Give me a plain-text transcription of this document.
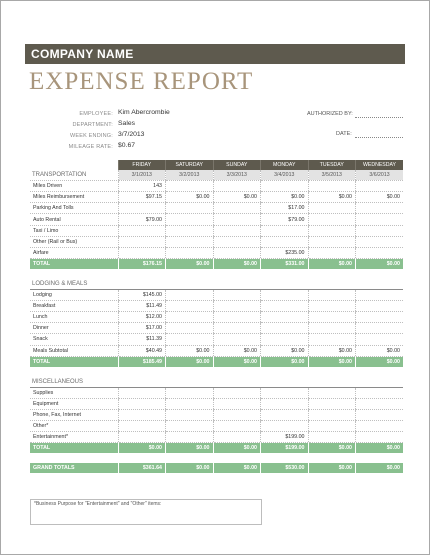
COMPANY NAME
EXPENSE REPORT
EMPLOYEE: Kim Abercrombie
DEPARTMENT: Sales
WEEK ENDING: 3/7/2013
MILEAGE RATE: $0.67
AUTHORIZED BY:
DATE:
	FRIDAY	SATURDAY	SUNDAY	MONDAY	TUESDAY	WEDNESDAY
TRANSPORTATION	3/1/2013	3/2/2013	3/3/2013	3/4/2013	3/5/2013	3/6/2013
Miles Driven	143					
Miles Reimbursement	$97.15	$0.00	$0.00	$0.00	$0.00	$0.00
Parking And Tolls				$17.00		
Auto Rental	$79.00			$79.00		
Taxi / Limo						
Other (Rail or Bus)						
Airfare				$235.00		
TOTAL	$176.15	$0.00	$0.00	$331.00	$0.00	$0.00

LODGING & MEALS						
Lodging	$145.00					
Breakfast	$11.49					
Lunch	$12.00					
Dinner	$17.00					
Snack	$11.39					
Meals Subtotal	$40.49	$0.00	$0.00	$0.00	$0.00	$0.00
TOTAL	$185.49	$0.00	$0.00	$0.00	$0.00	$0.00

MISCELLANEOUS						
Supplies						
Equipment						
Phone, Fax, Internet						
Other*						
Entertainment*				$199.00		
TOTAL	$0.00	$0.00	$0.00	$199.00	$0.00	$0.00

GRAND TOTALS	$361.64	$0.00	$0.00	$530.00	$0.00	$0.00
*Business Purpose for "Entertainment" and "Other" items:
